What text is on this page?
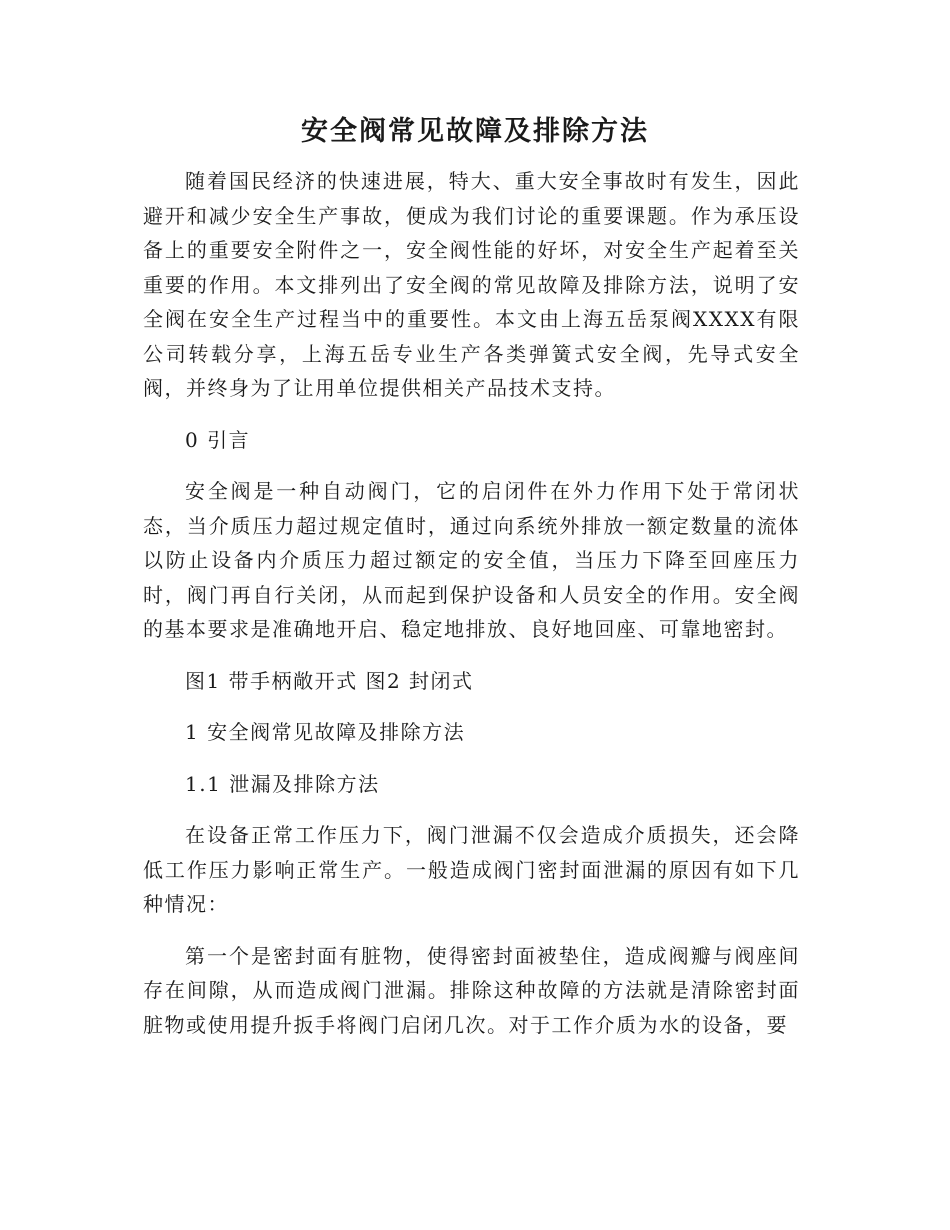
安全阀常见故障及排除方法

随着国民经济的快速进展，特大、重大安全事故时有发生，因此避开和减少安全生产事故，便成为我们讨论的重要课题。作为承压设备上的重要安全附件之一，安全阀性能的好坏，对安全生产起着至关重要的作用。本文排列出了安全阀的常见故障及排除方法，说明了安全阀在安全生产过程当中的重要性。本文由上海五岳泵阀XXXX有限公司转载分享，上海五岳专业生产各类弹簧式安全阀，先导式安全阀，并终身为了让用单位提供相关产品技术支持。

0 引言

安全阀是一种自动阀门，它的启闭件在外力作用下处于常闭状态，当介质压力超过规定值时，通过向系统外排放一额定数量的流体以防止设备内介质压力超过额定的安全值，当压力下降至回座压力时，阀门再自行关闭，从而起到保护设备和人员安全的作用。安全阀的基本要求是准确地开启、稳定地排放、良好地回座、可靠地密封。

图1 带手柄敞开式 图2 封闭式

1 安全阀常见故障及排除方法

1.1 泄漏及排除方法

在设备正常工作压力下，阀门泄漏不仅会造成介质损失，还会降低工作压力影响正常生产。一般造成阀门密封面泄漏的原因有如下几种情况：

第一个是密封面有脏物，使得密封面被垫住，造成阀瓣与阀座间存在间隙，从而造成阀门泄漏。排除这种故障的方法就是清除密封面脏物或使用提升扳手将阀门启闭几次。对于工作介质为水的设备，要
